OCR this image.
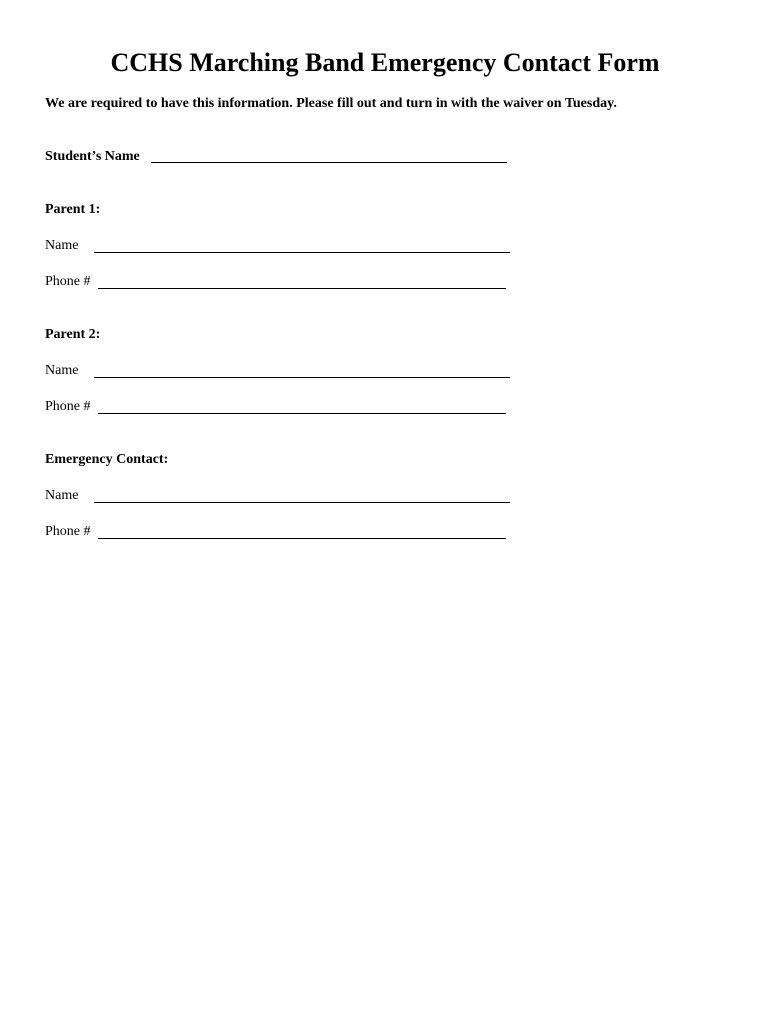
CCHS Marching Band Emergency Contact Form
We are required to have this information. Please fill out and turn in with the waiver on Tuesday.
Student’s Name
Parent 1:
Name
Phone #
Parent 2:
Name
Phone #
Emergency Contact:
Name
Phone #
